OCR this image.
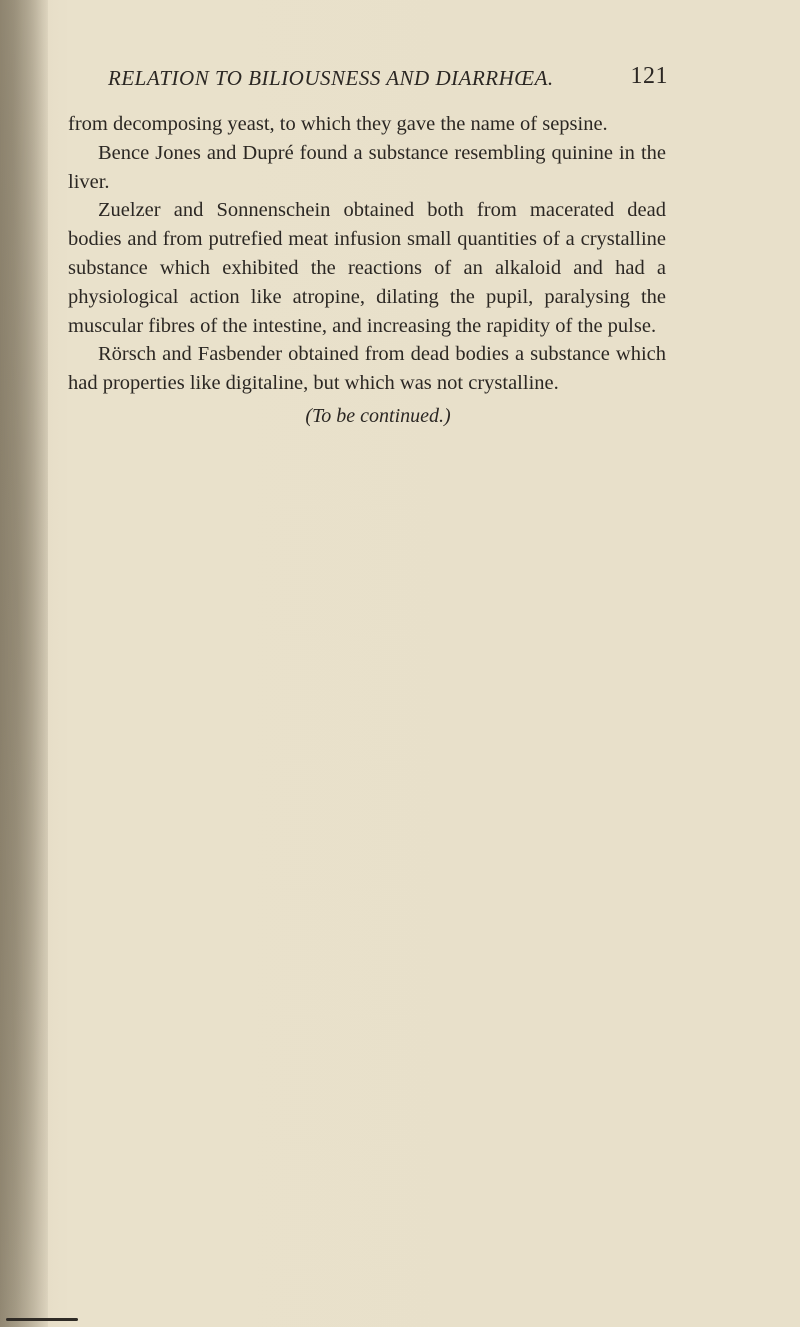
RELATION TO BILIOUSNESS AND DIARRHŒA.	121

from decomposing yeast, to which they gave the name of sepsine.

Bence Jones and Dupré found a substance resembling quinine in the liver.

Zuelzer and Sonnenschein obtained both from macerated dead bodies and from putrefied meat infusion small quantities of a crystalline substance which exhibited the reactions of an alkaloid and had a physiological action like atropine, dilating the pupil, paralysing the muscular fibres of the intestine, and increasing the rapidity of the pulse.

Rörsch and Fasbender obtained from dead bodies a substance which had properties like digitaline, but which was not crystalline.

(To be continued.)
